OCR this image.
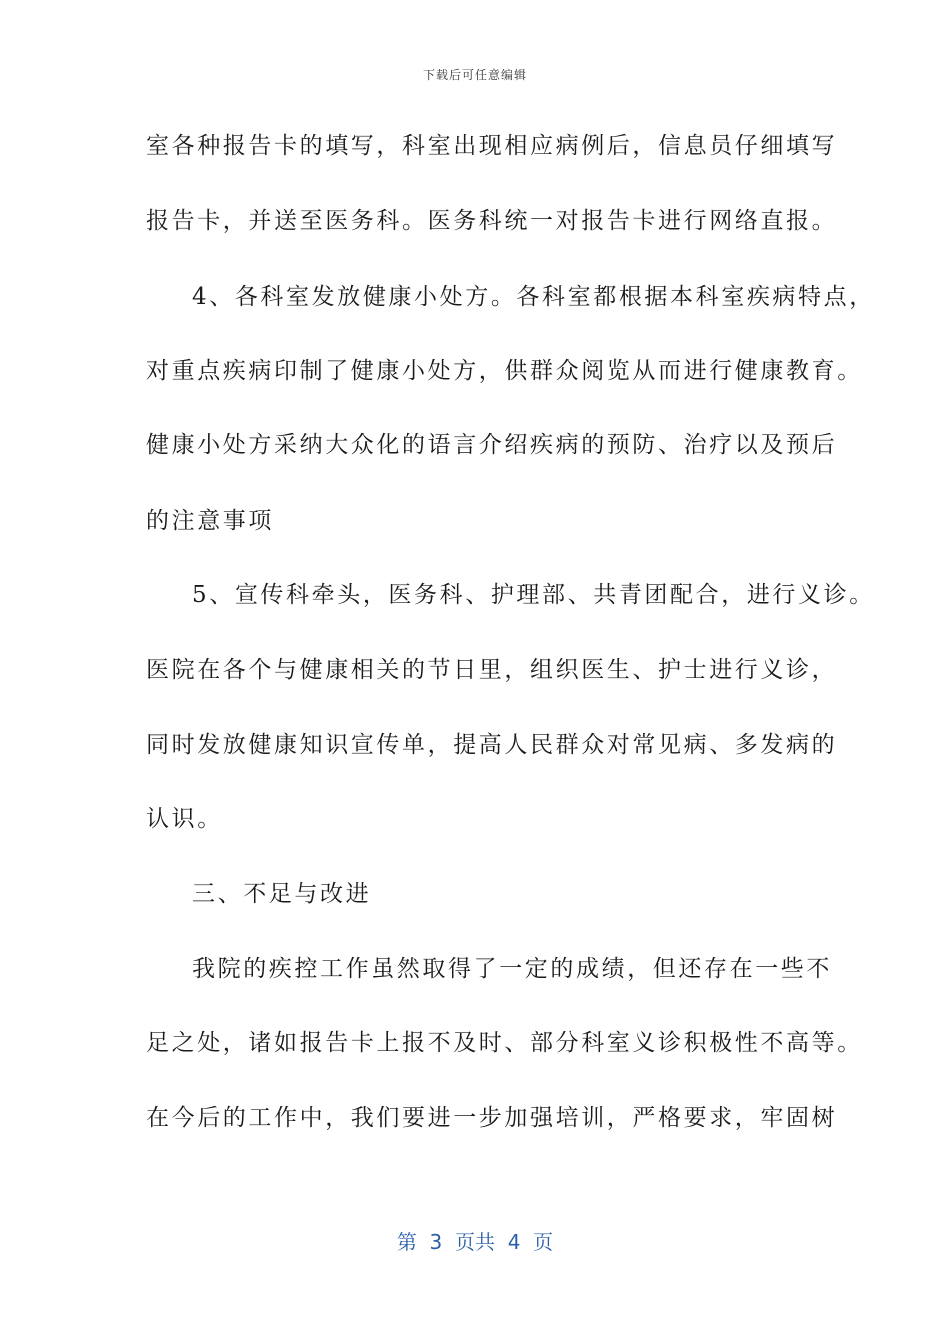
下载后可任意编辑
室各种报告卡的填写，科室出现相应病例后，信息员仔细填写
报告卡，并送至医务科。医务科统一对报告卡进行网络直报。
4、各科室发放健康小处方。各科室都根据本科室疾病特点，
对重点疾病印制了健康小处方，供群众阅览从而进行健康教育。
健康小处方采纳大众化的语言介绍疾病的预防、治疗以及预后
的注意事项
5、宣传科牵头，医务科、护理部、共青团配合，进行义诊。
医院在各个与健康相关的节日里，组织医生、护士进行义诊，
同时发放健康知识宣传单，提高人民群众对常见病、多发病的
认识。
三、不足与改进
我院的疾控工作虽然取得了一定的成绩，但还存在一些不
足之处，诸如报告卡上报不及时、部分科室义诊积极性不高等。
在今后的工作中，我们要进一步加强培训，严格要求，牢固树
第  3  页共  4  页
